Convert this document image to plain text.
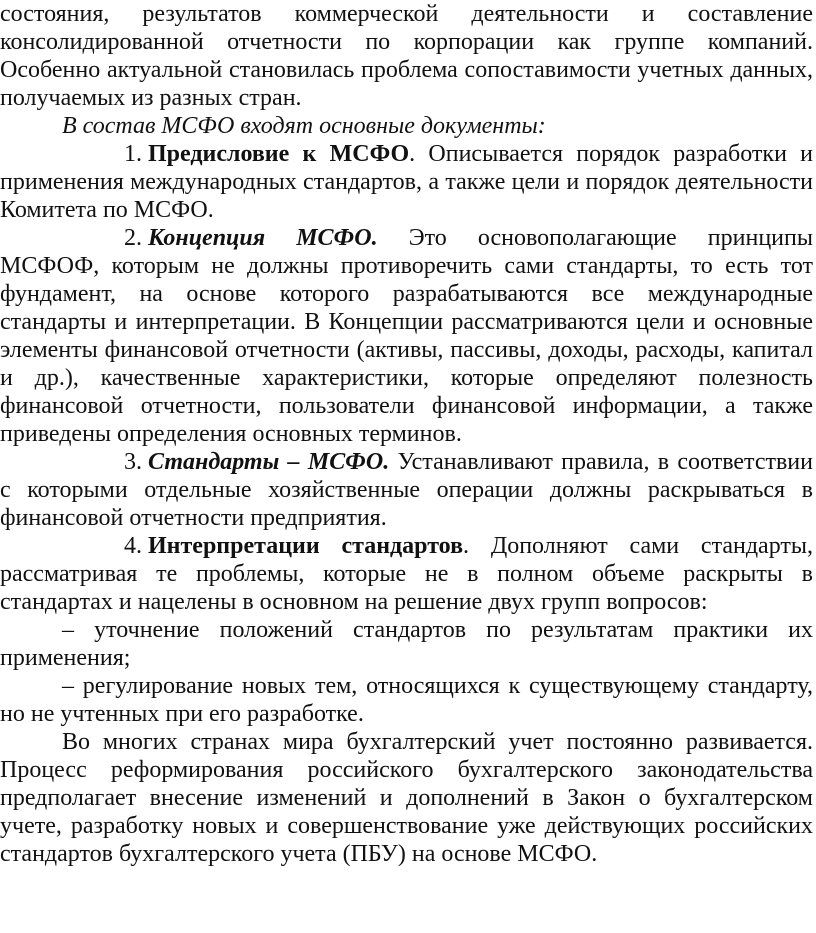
состояния, результатов коммерческой деятельности и составление консолидированной отчетности по корпорации как группе компаний. Особенно актуальной становилась проблема сопоставимости учетных данных, получаемых из разных стран.

В состав МСФО входят основные документы:

1. Предисловие к МСФО. Описывается порядок разработки и применения международных стандартов, а также цели и порядок деятельности Комитета по МСФО.

2. Концепция МСФО. Это основополагающие принципы МСФОФ, которым не должны противоречить сами стандарты, то есть тот фундамент, на основе которого разрабатываются все международные стандарты и интерпретации. В Концепции рассматриваются цели и основные элементы финансовой отчетности (активы, пассивы, доходы, расходы, капитал и др.), качественные характеристики, которые определяют полезность финансовой отчетности, пользователи финансовой информации, а также приведены определения основных терминов.

3. Стандарты – МСФО. Устанавливают правила, в соответствии с которыми отдельные хозяйственные операции должны раскрываться в финансовой отчетности предприятия.

4. Интерпретации стандартов. Дополняют сами стандарты, рассматривая те проблемы, которые не в полном объеме раскрыты в стандартах и нацелены в основном на решение двух групп вопросов:

– уточнение положений стандартов по результатам практики их применения;

– регулирование новых тем, относящихся к существующему стандарту, но не учтенных при его разработке.

Во многих странах мира бухгалтерский учет постоянно развивается. Процесс реформирования российского бухгалтерского законодательства предполагает внесение изменений и дополнений в Закон о бухгалтерском учете, разработку новых и совершенствование уже действующих российских стандартов бухгалтерского учета (ПБУ) на основе МСФО.
